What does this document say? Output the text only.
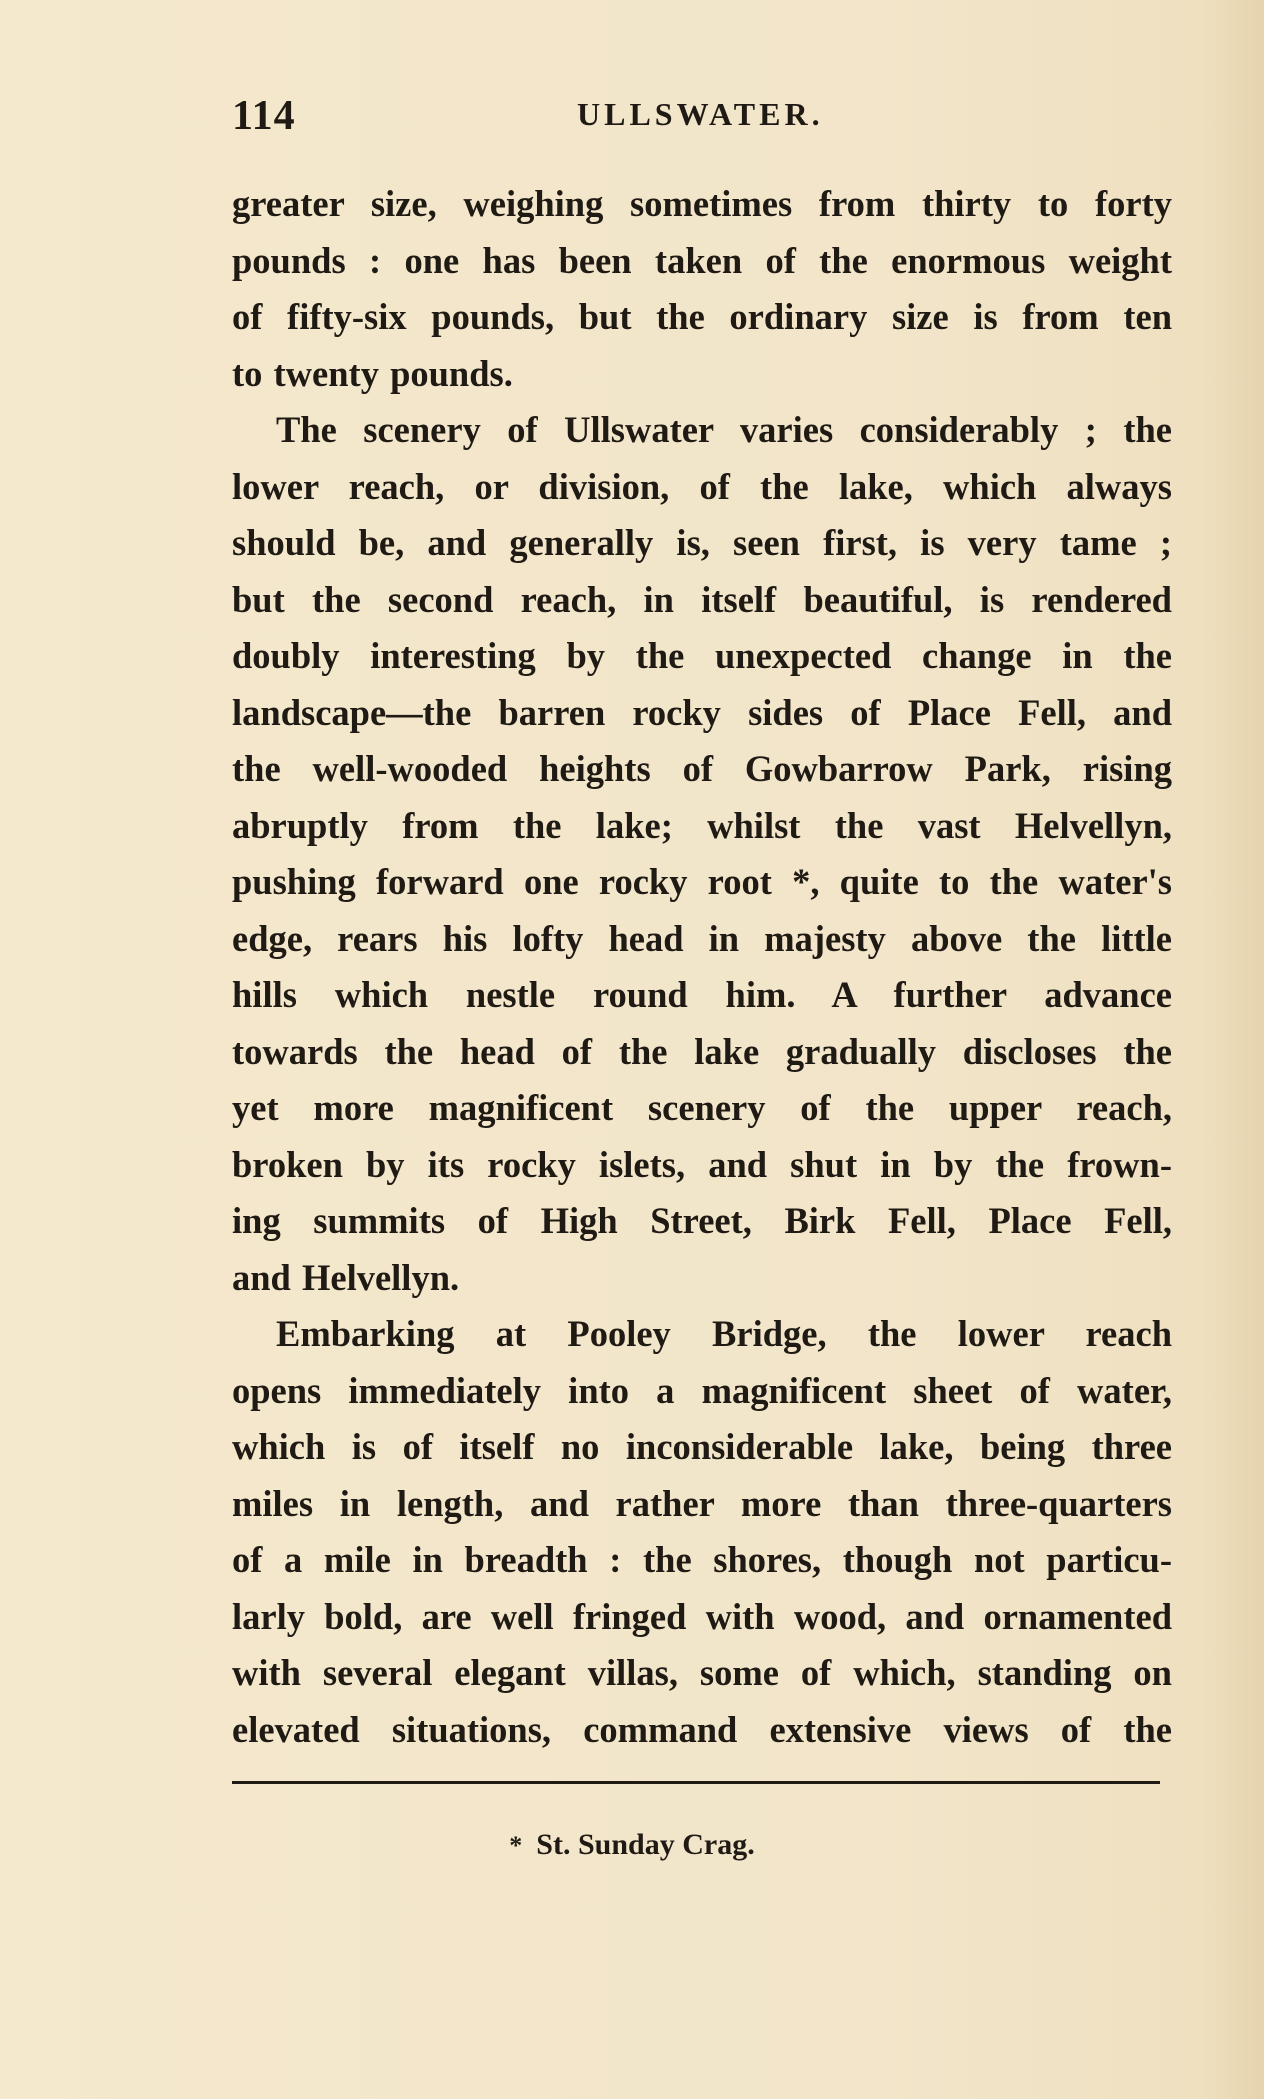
114	ULLSWATER.
greater size, weighing sometimes from thirty to forty
pounds : one has been taken of the enormous weight
of fifty-six pounds, but the ordinary size is from ten
to twenty pounds.
The scenery of Ullswater varies considerably ; the
lower reach, or division, of the lake, which always
should be, and generally is, seen first, is very tame ;
but the second reach, in itself beautiful, is rendered
doubly interesting by the unexpected change in the
landscape—the barren rocky sides of Place Fell, and
the well-wooded heights of Gowbarrow Park, rising
abruptly from the lake; whilst the vast Helvellyn,
pushing forward one rocky root *, quite to the water's
edge, rears his lofty head in majesty above the little
hills which nestle round him. A further advance
towards the head of the lake gradually discloses the
yet more magnificent scenery of the upper reach,
broken by its rocky islets, and shut in by the frown-
ing summits of High Street, Birk Fell, Place Fell,
and Helvellyn.
Embarking at Pooley Bridge, the lower reach
opens immediately into a magnificent sheet of water,
which is of itself no inconsiderable lake, being three
miles in length, and rather more than three-quarters
of a mile in breadth : the shores, though not particu-
larly bold, are well fringed with wood, and ornamented
with several elegant villas, some of which, standing on
elevated situations, command extensive views of the
* St. Sunday Crag.
